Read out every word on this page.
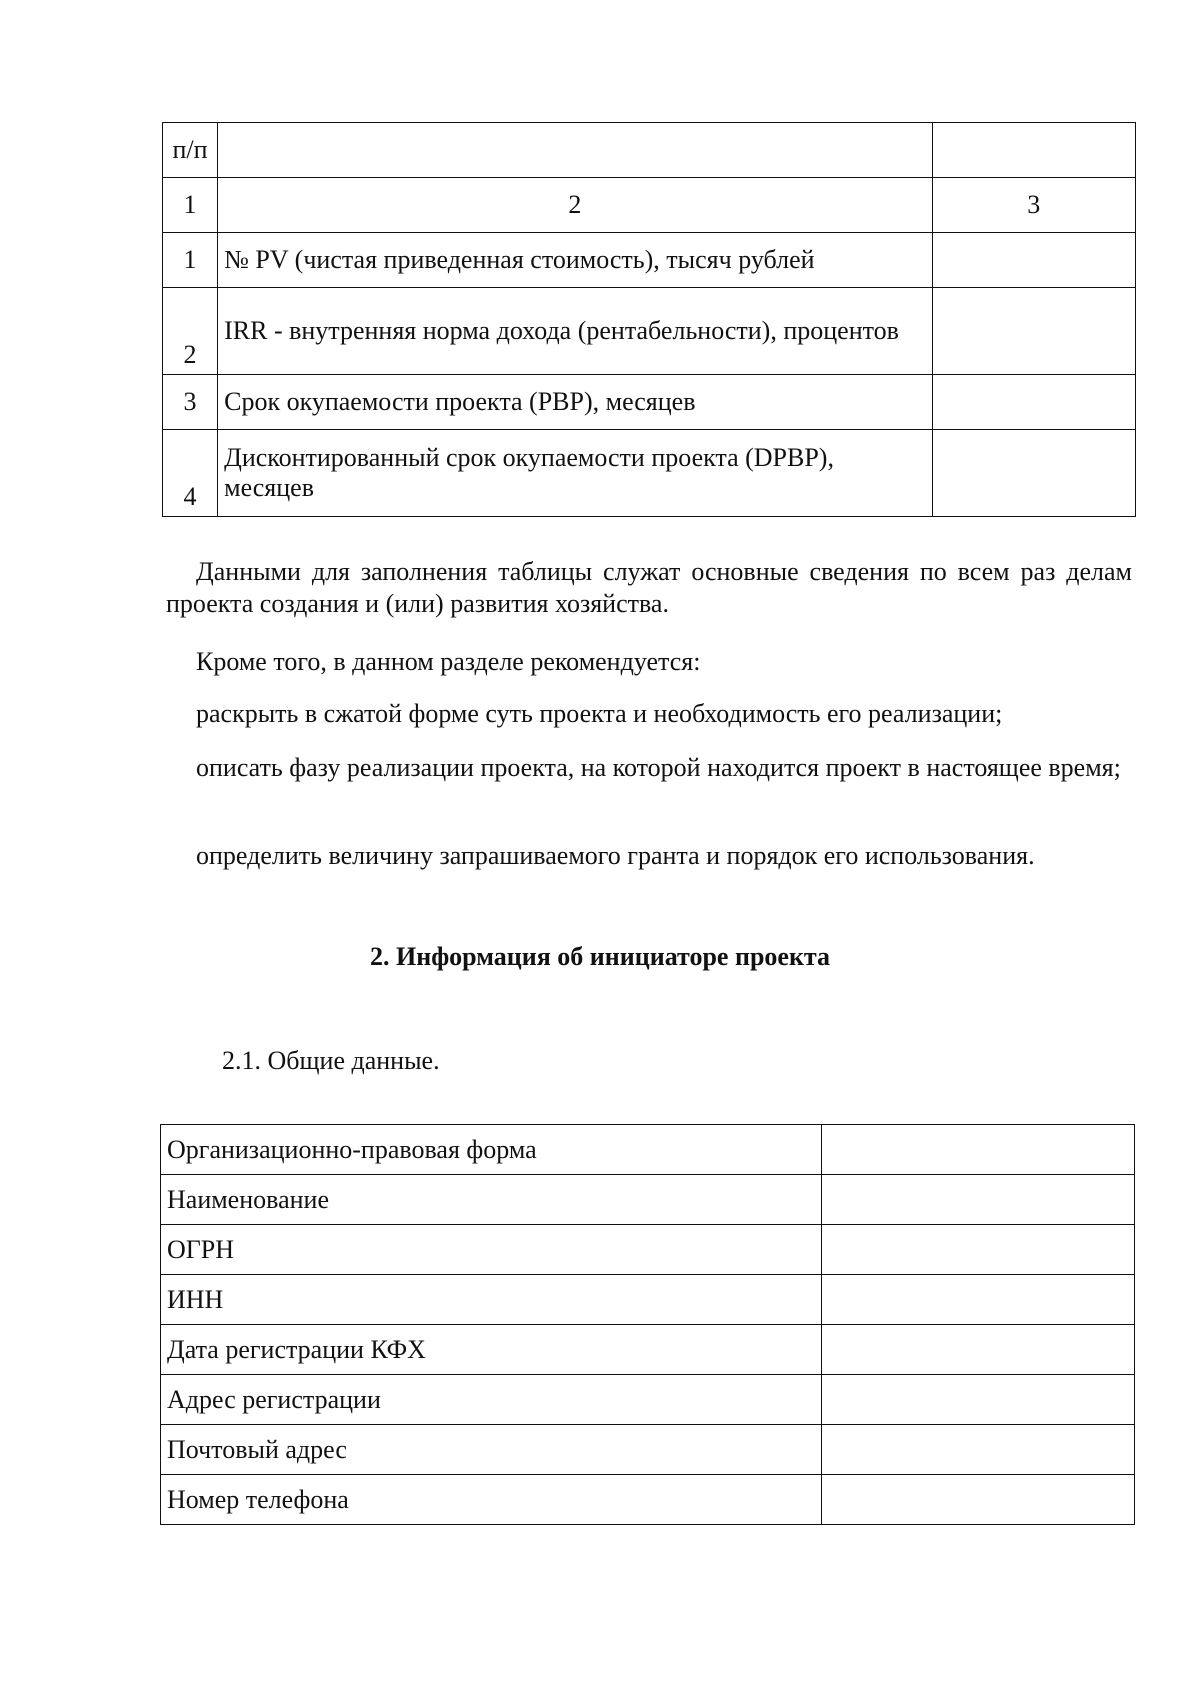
п/п		
1	2	3
1	№ PV (чистая приведенная стоимость), тысяч рублей	
2	IRR - внутренняя норма дохода (рентабельности), процентов	
3	Срок окупаемости проекта (PBP), месяцев	
4	Дисконтированный срок окупаемости проекта (DPBP), месяцев	
Данными для заполнения таблицы служат основные сведения по всем раз делам проекта создания и (или) развития хозяйства.
Кроме того, в данном разделе рекомендуется:
раскрыть в сжатой форме суть проекта и необходимость его реализации;
описать фазу реализации проекта, на которой находится проект в настоящее время;
определить величину запрашиваемого гранта и порядок его использования.
2. Информация об инициаторе проекта
2.1. Общие данные.
Организационно-правовая форма	
Наименование	
ОГРН	
ИНН	
Дата регистрации КФХ	
Адрес регистрации	
Почтовый адрес	
Номер телефона	
